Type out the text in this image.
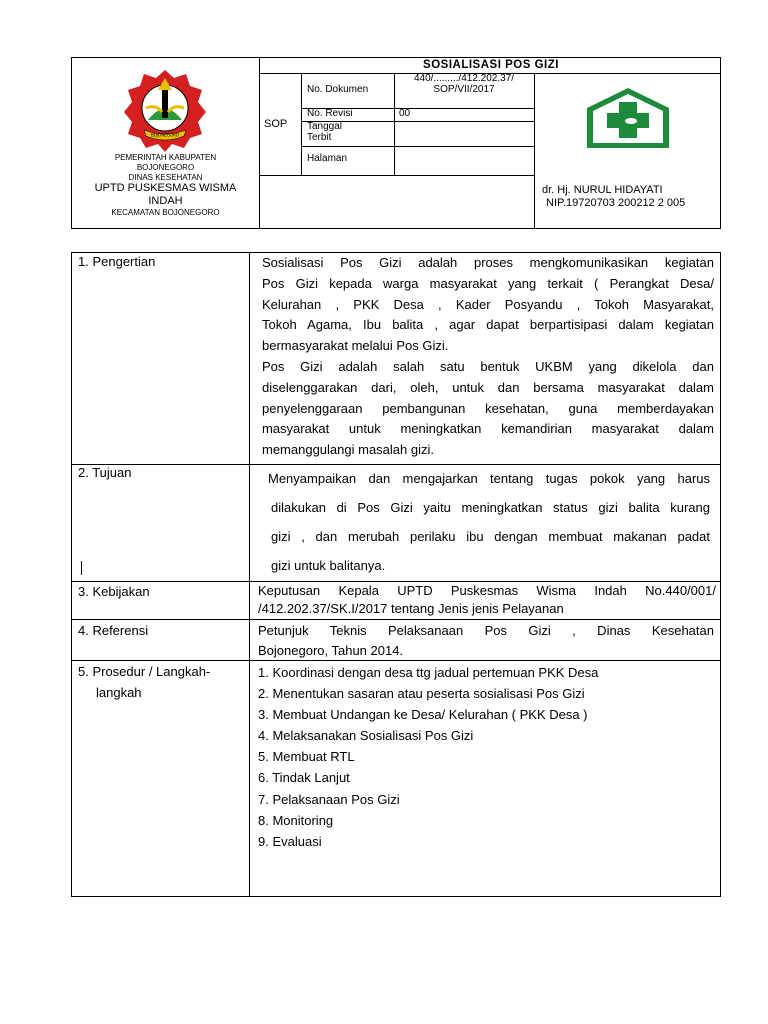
SOSIALISASI POS GIZI
BOJONEGORO
PEMERINTAH KABUPATEN
BOJONEGORO
DINAS KESEHATAN
UPTD PUSKESMAS WISMA
INDAH
KECAMATAN BOJONEGORO
SOP
No. Dokumen
440/........./412.202.37/
SOP/VII/2017
No. Revisi	00
Tanggal
Terbit
Halaman
dr. Hj. NURUL HIDAYATI
NIP.19720703 200212 2 005
1. Pengertian	Sosialisasi Pos Gizi adalah proses mengkomunikasikan kegiatan
Pos Gizi kepada warga masyarakat yang terkait ( Perangkat Desa/
Kelurahan , PKK Desa , Kader Posyandu , Tokoh Masyarakat,
Tokoh Agama, Ibu balita , agar dapat berpartisipasi dalam kegiatan
bermasyarakat melalui Pos Gizi.
Pos Gizi adalah salah satu bentuk UKBM yang dikelola dan
diselenggarakan dari, oleh, untuk dan bersama masyarakat dalam
penyelenggaraan pembangunan kesehatan, guna memberdayakan
masyarakat untuk meningkatkan kemandirian masyarakat dalam
memanggulangi masalah gizi.
2. Tujuan	Menyampaikan dan mengajarkan tentang tugas pokok yang harus
dilakukan di Pos Gizi yaitu meningkatkan status gizi balita kurang
gizi , dan merubah perilaku ibu dengan membuat makanan padat
gizi untuk balitanya.
3. Kebijakan	Keputusan Kepala UPTD Puskesmas Wisma Indah No.440/001/
/412.202.37/SK.I/2017 tentang Jenis jenis Pelayanan
4. Referensi	Petunjuk Teknis Pelaksanaan Pos Gizi , Dinas Kesehatan
Bojonegoro, Tahun 2014.
5. Prosedur / Langkah-
langkah
1. Koordinasi dengan desa ttg jadual pertemuan PKK Desa
2. Menentukan sasaran atau peserta sosialisasi Pos Gizi
3. Membuat Undangan ke Desa/ Kelurahan ( PKK Desa )
4. Melaksanakan Sosialisasi Pos Gizi
5. Membuat RTL
6. Tindak Lanjut
7. Pelaksanaan Pos Gizi
8. Monitoring
9. Evaluasi
